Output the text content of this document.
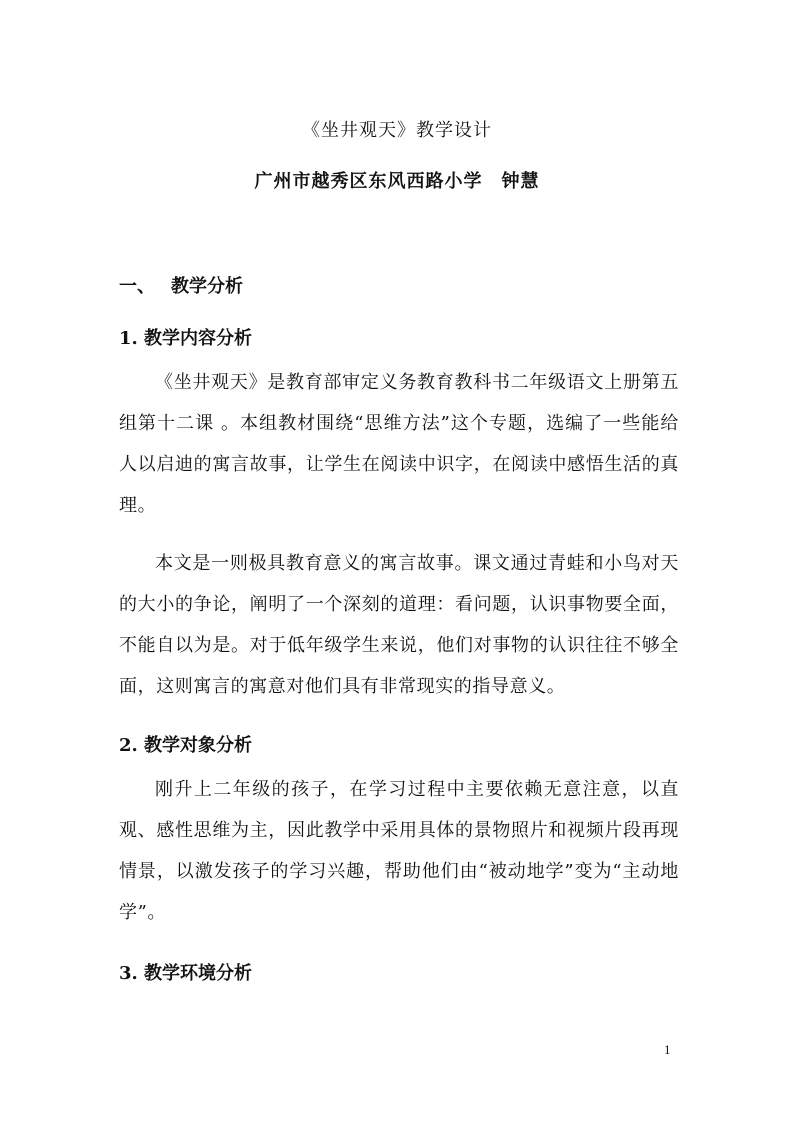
《坐井观天》教学设计
广州市越秀区东风西路小学　钟慧
一、 教学分析
1. 教学内容分析

《坐井观天》是教育部审定义务教育教科书二年级语文上册第五组第十二课 。本组教材围绕“思维方法”这个专题，选编了一些能给人以启迪的寓言故事，让学生在阅读中识字，在阅读中感悟生活的真理。

本文是一则极具教育意义的寓言故事。课文通过青蛙和小鸟对天的大小的争论，阐明了一个深刻的道理：看问题，认识事物要全面，不能自以为是。对于低年级学生来说，他们对事物的认识往往不够全面，这则寓言的寓意对他们具有非常现实的指导意义。

2. 教学对象分析

刚升上二年级的孩子，在学习过程中主要依赖无意注意，以直观、感性思维为主，因此教学中采用具体的景物照片和视频片段再现情景，以激发孩子的学习兴趣，帮助他们由“被动地学”变为“主动地学”。

3. 教学环境分析
1
